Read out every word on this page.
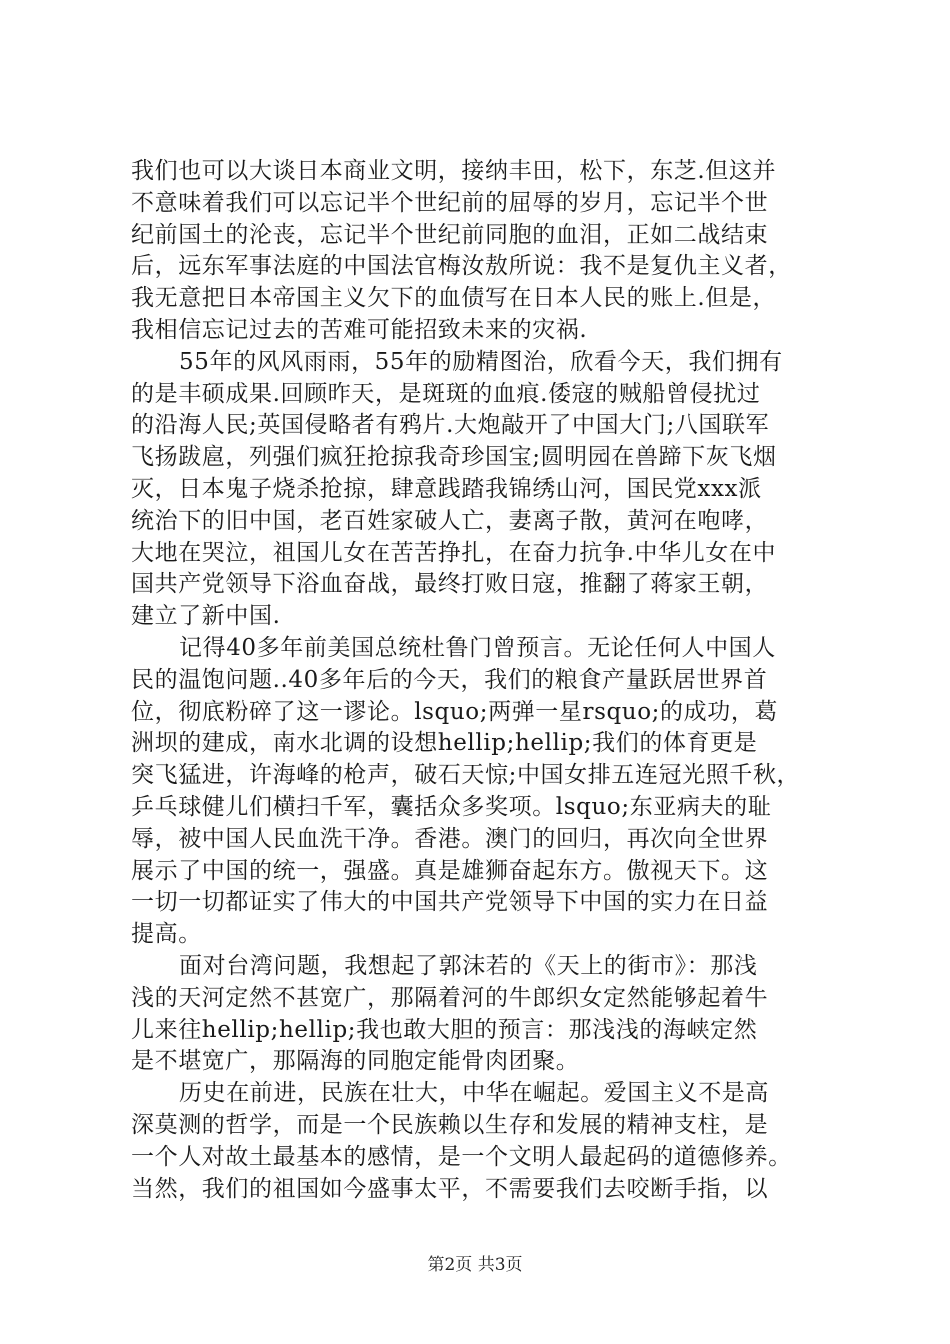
我们也可以大谈日本商业文明，接纳丰田，松下，东芝.但这并
不意味着我们可以忘记半个世纪前的屈辱的岁月，忘记半个世
纪前国土的沦丧，忘记半个世纪前同胞的血泪，正如二战结束
后，远东军事法庭的中国法官梅汝敖所说：我不是复仇主义者，
我无意把日本帝国主义欠下的血债写在日本人民的账上.但是，
我相信忘记过去的苦难可能招致未来的灾祸.

55年的风风雨雨，55年的励精图治，欣看今天，我们拥有
的是丰硕成果.回顾昨天，是斑斑的血痕.倭寇的贼船曾侵扰过
的沿海人民;英国侵略者有鸦片.大炮敲开了中国大门;八国联军
飞扬跋扈，列强们疯狂抢掠我奇珍国宝;圆明园在兽蹄下灰飞烟
灭，日本鬼子烧杀抢掠，肆意践踏我锦绣山河，国民党xxx派
统治下的旧中国，老百姓家破人亡，妻离子散，黄河在咆哮，
大地在哭泣，祖国儿女在苦苦挣扎，在奋力抗争.中华儿女在中
国共产党领导下浴血奋战，最终打败日寇，推翻了蒋家王朝，
建立了新中国.

记得40多年前美国总统杜鲁门曾预言。无论任何人中国人
民的温饱问题..40多年后的今天，我们的粮食产量跃居世界首
位，彻底粉碎了这一谬论。lsquo;两弹一星rsquo;的成功，葛
洲坝的建成，南水北调的设想hellip;hellip;我们的体育更是
突飞猛进，许海峰的枪声，破石天惊;中国女排五连冠光照千秋，
乒乓球健儿们横扫千军，囊括众多奖项。lsquo;东亚病夫的耻
辱，被中国人民血洗干净。香港。澳门的回归，再次向全世界
展示了中国的统一，强盛。真是雄狮奋起东方。傲视天下。这
一切一切都证实了伟大的中国共产党领导下中国的实力在日益
提高。

面对台湾问题，我想起了郭沫若的《天上的街市》：那浅
浅的天河定然不甚宽广，那隔着河的牛郎织女定然能够起着牛
儿来往hellip;hellip;我也敢大胆的预言：那浅浅的海峡定然
是不堪宽广，那隔海的同胞定能骨肉团聚。

历史在前进，民族在壮大，中华在崛起。爱国主义不是高
深莫测的哲学，而是一个民族赖以生存和发展的精神支柱，是
一个人对故土最基本的感情，是一个文明人最起码的道德修养。
当然，我们的祖国如今盛事太平，不需要我们去咬断手指，以

第2页 共3页
